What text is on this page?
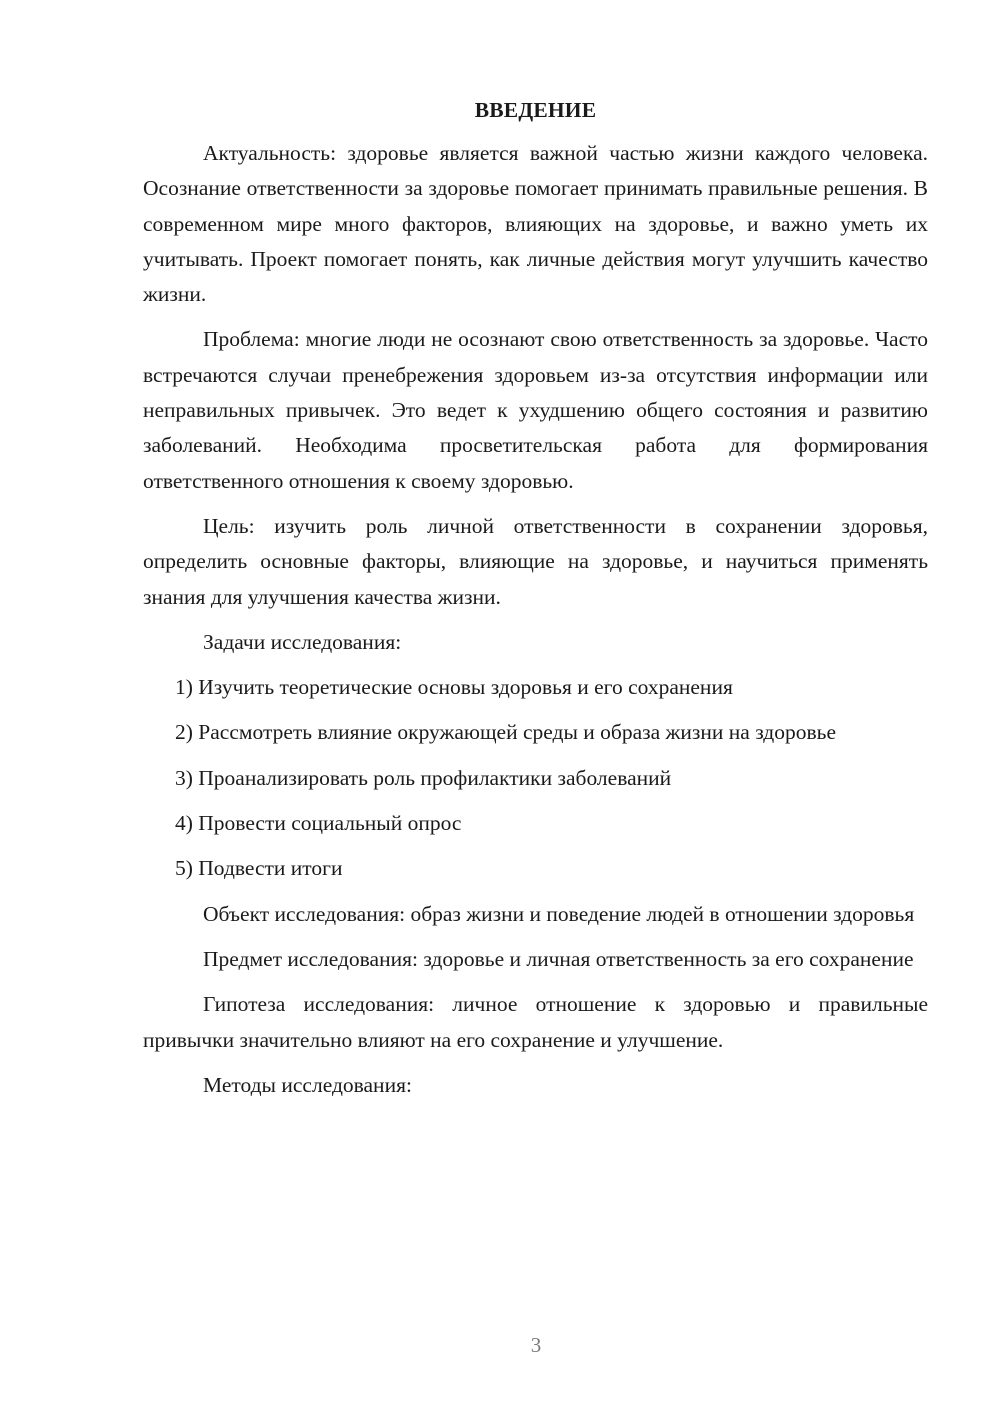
ВВЕДЕНИЕ

Актуальность: здоровье является важной частью жизни каждого человека. Осознание ответственности за здоровье помогает принимать правильные решения. В современном мире много факторов, влияющих на здоровье, и важно уметь их учитывать. Проект помогает понять, как личные действия могут улучшить качество жизни.

Проблема: многие люди не осознают свою ответственность за здоровье. Часто встречаются случаи пренебрежения здоровьем из-за отсутствия информации или неправильных привычек. Это ведет к ухудшению общего состояния и развитию заболеваний. Необходима просветительская работа для формирования ответственного отношения к своему здоровью.

Цель: изучить роль личной ответственности в сохранении здоровья, определить основные факторы, влияющие на здоровье, и научиться применять знания для улучшения качества жизни.

Задачи исследования:

1) Изучить теоретические основы здоровья и его сохранения

2) Рассмотреть влияние окружающей среды и образа жизни на здоровье

3) Проанализировать роль профилактики заболеваний

4) Провести социальный опрос

5) Подвести итоги

Объект исследования: образ жизни и поведение людей в отношении здоровья

Предмет исследования: здоровье и личная ответственность за его сохранение

Гипотеза исследования: личное отношение к здоровью и правильные привычки значительно влияют на его сохранение и улучшение.

Методы исследования:

3
